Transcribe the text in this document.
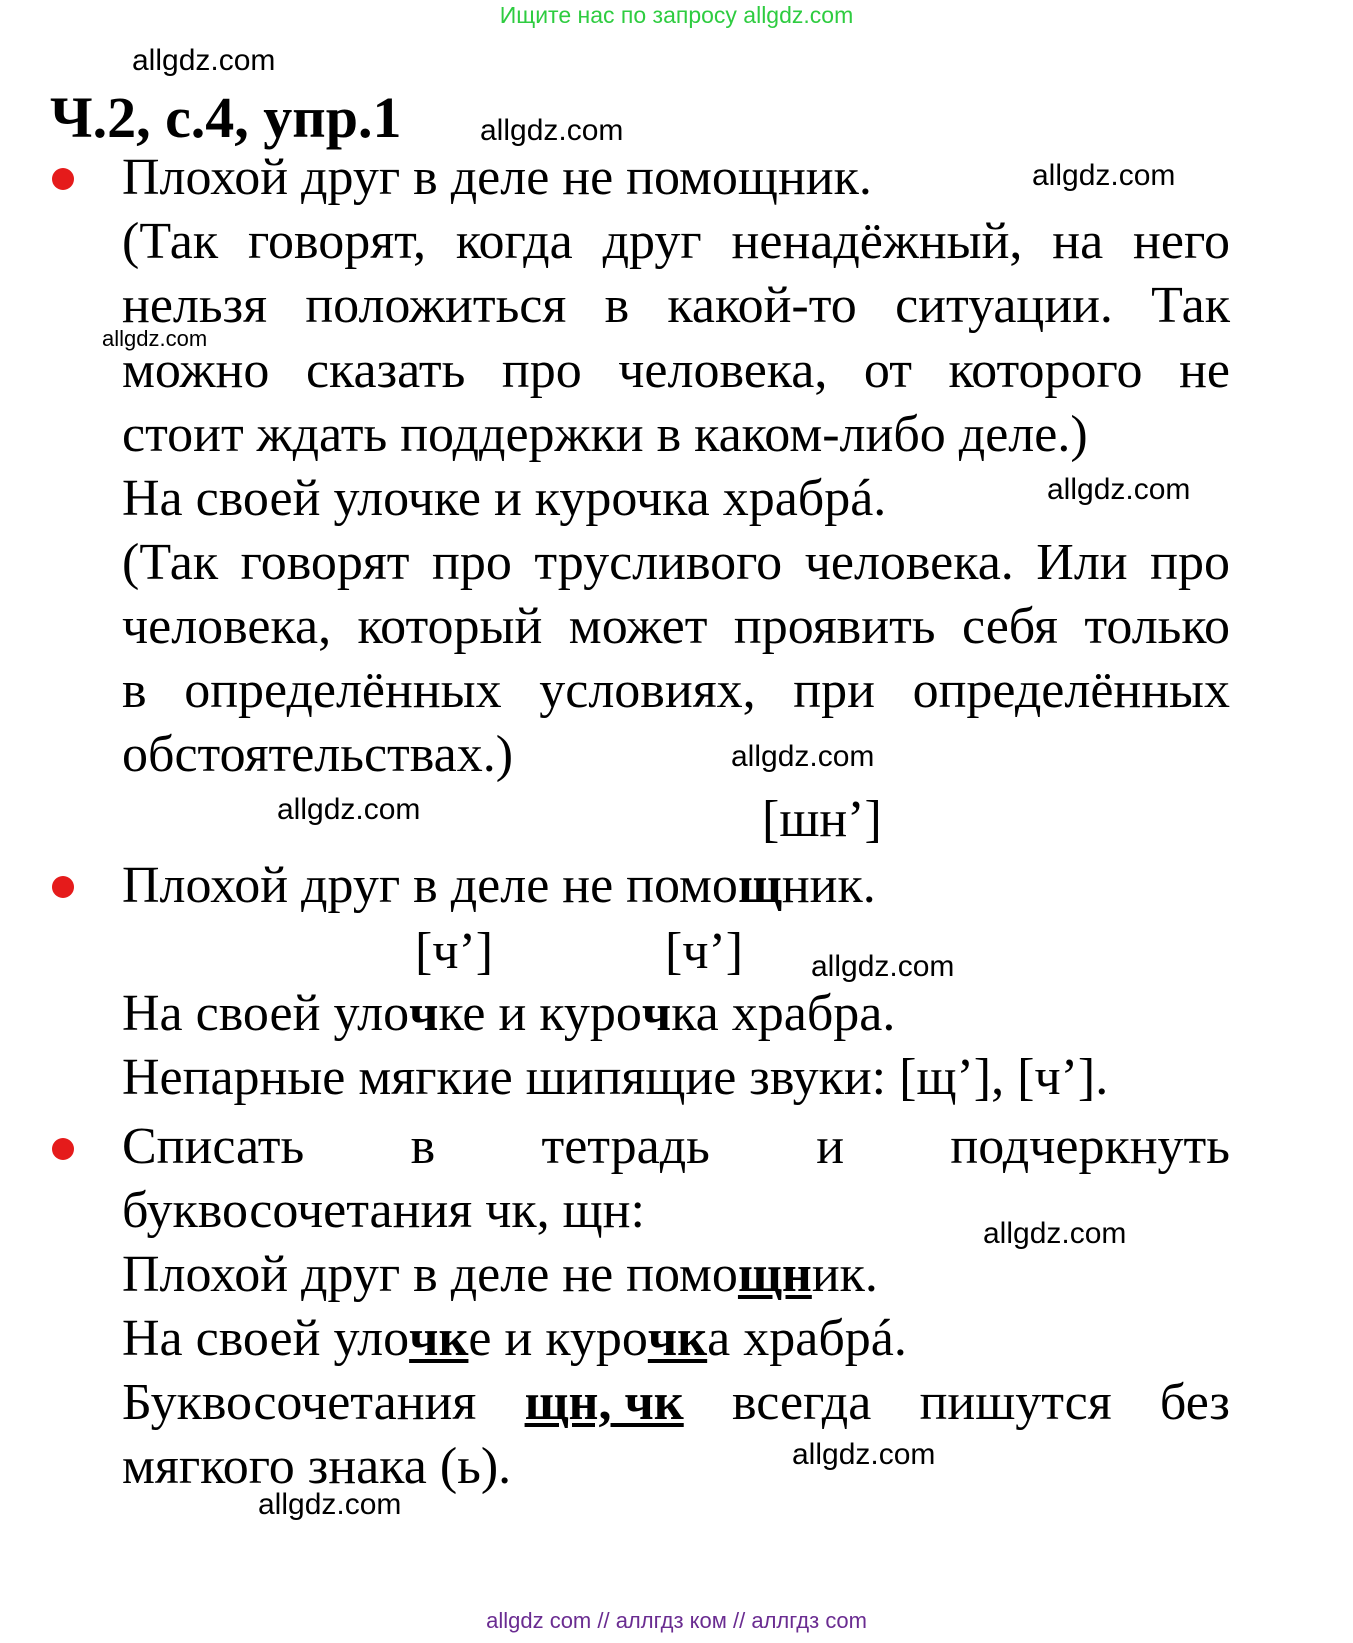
Ищите нас по запросу allgdz.com
allgdz.com
allgdz.com
allgdz.com
allgdz.com
allgdz.com
allgdz.com
allgdz.com
allgdz.com
allgdz.com
allgdz.com
allgdz.com
Ч.2, с.4, упр.1
Плохой друг в деле не помощник.
(Так говорят, когда друг ненадёжный, на него
нельзя положиться в какой-то ситуации. Так
можно сказать про человека, от которого не
стоит ждать поддержки в каком-либо деле.)
На своей улочке и курочка храбрá.
(Так говорят про трусливого человека. Или про
человека, который может проявить себя только
в определённых условиях, при определённых
обстоятельствах.)
[шн’]
Плохой друг в деле не помощник.
[ч’]	[ч’]
На своей улочке и курочка храбра.
Непарные мягкие шипящие звуки: [щ’], [ч’].
Списать в тетрадь и подчеркнуть
буквосочетания чк, щн:
Плохой друг в деле не помощник.
На своей улочке и курочка храбрá.
Буквосочетания щн, чк всегда пишутся без
мягкого знака (ь).
allgdz com // аллгдз ком // аллгдз com
